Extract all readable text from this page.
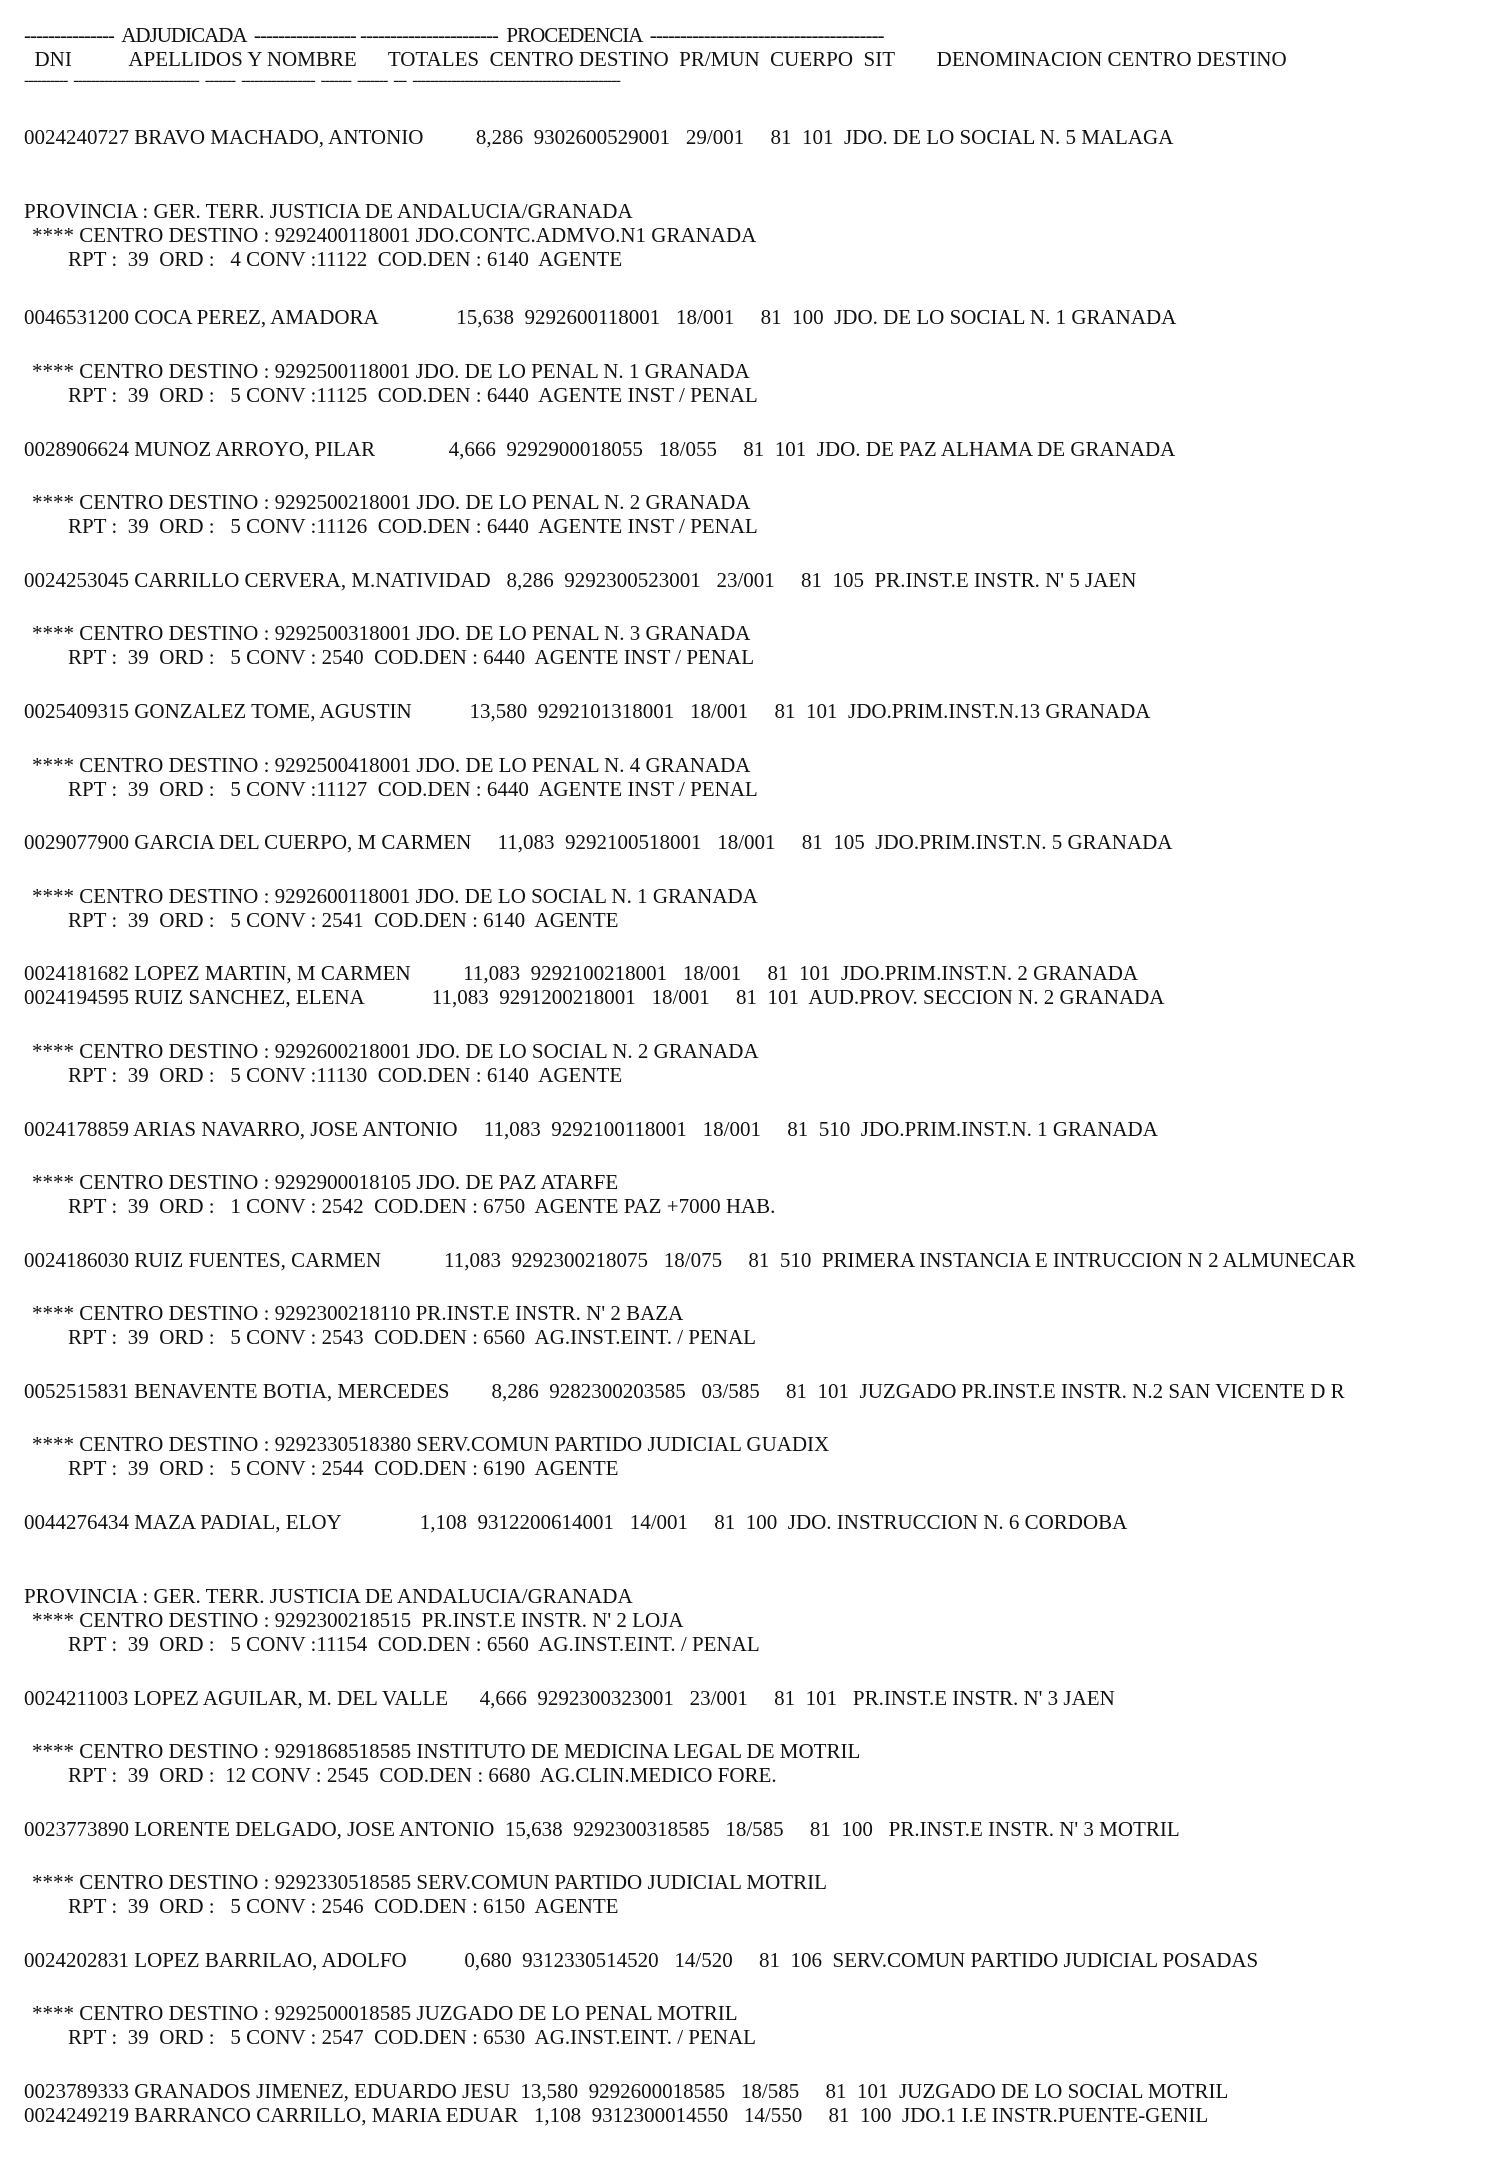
---------------  ADJUDICADA  ----------------- -----------------------  PROCEDENCIA  ---------------------------------------
DNI           APELLIDOS Y NOMBRE      TOTALES  CENTRO DESTINO  PR/MUN  CUERPO  SIT        DENOMINACION CENTRO DESTINO
----------  -----------------------------  -------  -----------------  -------  -------  ---  ------------------------------------------------
0024240727 BRAVO MACHADO, ANTONIO          8,286  9302600529001   29/001     81  101  JDO. DE LO SOCIAL N. 5 MALAGA
PROVINCIA : GER. TERR. JUSTICIA DE ANDALUCIA/GRANADA
**** CENTRO DESTINO : 9292400118001 JDO.CONTC.ADMVO.N1 GRANADA
RPT :  39  ORD :   4 CONV :11122  COD.DEN : 6140  AGENTE
0046531200 COCA PEREZ, AMADORA               15,638  9292600118001   18/001     81  100  JDO. DE LO SOCIAL N. 1 GRANADA
**** CENTRO DESTINO : 9292500118001 JDO. DE LO PENAL N. 1 GRANADA
RPT :  39  ORD :   5 CONV :11125  COD.DEN : 6440  AGENTE INST / PENAL
0028906624 MUNOZ ARROYO, PILAR              4,666  9292900018055   18/055     81  101  JDO. DE PAZ ALHAMA DE GRANADA
**** CENTRO DESTINO : 9292500218001 JDO. DE LO PENAL N. 2 GRANADA
RPT :  39  ORD :   5 CONV :11126  COD.DEN : 6440  AGENTE INST / PENAL
0024253045 CARRILLO CERVERA, M.NATIVIDAD   8,286  9292300523001   23/001     81  105  PR.INST.E INSTR. N' 5 JAEN
**** CENTRO DESTINO : 9292500318001 JDO. DE LO PENAL N. 3 GRANADA
RPT :  39  ORD :   5 CONV : 2540  COD.DEN : 6440  AGENTE INST / PENAL
0025409315 GONZALEZ TOME, AGUSTIN           13,580  9292101318001   18/001     81  101  JDO.PRIM.INST.N.13 GRANADA
**** CENTRO DESTINO : 9292500418001 JDO. DE LO PENAL N. 4 GRANADA
RPT :  39  ORD :   5 CONV :11127  COD.DEN : 6440  AGENTE INST / PENAL
0029077900 GARCIA DEL CUERPO, M CARMEN     11,083  9292100518001   18/001     81  105  JDO.PRIM.INST.N. 5 GRANADA
**** CENTRO DESTINO : 9292600118001 JDO. DE LO SOCIAL N. 1 GRANADA
RPT :  39  ORD :   5 CONV : 2541  COD.DEN : 6140  AGENTE
0024181682 LOPEZ MARTIN, M CARMEN          11,083  9292100218001   18/001     81  101  JDO.PRIM.INST.N. 2 GRANADA
0024194595 RUIZ SANCHEZ, ELENA             11,083  9291200218001   18/001     81  101  AUD.PROV. SECCION N. 2 GRANADA
**** CENTRO DESTINO : 9292600218001 JDO. DE LO SOCIAL N. 2 GRANADA
RPT :  39  ORD :   5 CONV :11130  COD.DEN : 6140  AGENTE
0024178859 ARIAS NAVARRO, JOSE ANTONIO     11,083  9292100118001   18/001     81  510  JDO.PRIM.INST.N. 1 GRANADA
**** CENTRO DESTINO : 9292900018105 JDO. DE PAZ ATARFE
RPT :  39  ORD :   1 CONV : 2542  COD.DEN : 6750  AGENTE PAZ +7000 HAB.
0024186030 RUIZ FUENTES, CARMEN            11,083  9292300218075   18/075     81  510  PRIMERA INSTANCIA E INTRUCCION N 2 ALMUNECAR
**** CENTRO DESTINO : 9292300218110 PR.INST.E INSTR. N' 2 BAZA
RPT :  39  ORD :   5 CONV : 2543  COD.DEN : 6560  AG.INST.EINT. / PENAL
0052515831 BENAVENTE BOTIA, MERCEDES        8,286  9282300203585   03/585     81  101  JUZGADO PR.INST.E INSTR. N.2 SAN VICENTE D R
**** CENTRO DESTINO : 9292330518380 SERV.COMUN PARTIDO JUDICIAL GUADIX
RPT :  39  ORD :   5 CONV : 2544  COD.DEN : 6190  AGENTE
0044276434 MAZA PADIAL, ELOY               1,108  9312200614001   14/001     81  100  JDO. INSTRUCCION N. 6 CORDOBA
PROVINCIA : GER. TERR. JUSTICIA DE ANDALUCIA/GRANADA
**** CENTRO DESTINO : 9292300218515  PR.INST.E INSTR. N' 2 LOJA
RPT :  39  ORD :   5 CONV :11154  COD.DEN : 6560  AG.INST.EINT. / PENAL
0024211003 LOPEZ AGUILAR, M. DEL VALLE      4,666  9292300323001   23/001     81  101   PR.INST.E INSTR. N' 3 JAEN
**** CENTRO DESTINO : 9291868518585 INSTITUTO DE MEDICINA LEGAL DE MOTRIL
RPT :  39  ORD :  12 CONV : 2545  COD.DEN : 6680  AG.CLIN.MEDICO FORE.
0023773890 LORENTE DELGADO, JOSE ANTONIO  15,638  9292300318585   18/585     81  100   PR.INST.E INSTR. N' 3 MOTRIL
**** CENTRO DESTINO : 9292330518585 SERV.COMUN PARTIDO JUDICIAL MOTRIL
RPT :  39  ORD :   5 CONV : 2546  COD.DEN : 6150  AGENTE
0024202831 LOPEZ BARRILAO, ADOLFO           0,680  9312330514520   14/520     81  106  SERV.COMUN PARTIDO JUDICIAL POSADAS
**** CENTRO DESTINO : 9292500018585 JUZGADO DE LO PENAL MOTRIL
RPT :  39  ORD :   5 CONV : 2547  COD.DEN : 6530  AG.INST.EINT. / PENAL
0023789333 GRANADOS JIMENEZ, EDUARDO JESU  13,580  9292600018585   18/585     81  101  JUZGADO DE LO SOCIAL MOTRIL
0024249219 BARRANCO CARRILLO, MARIA EDUAR   1,108  9312300014550   14/550     81  100  JDO.1 I.E INSTR.PUENTE-GENIL
